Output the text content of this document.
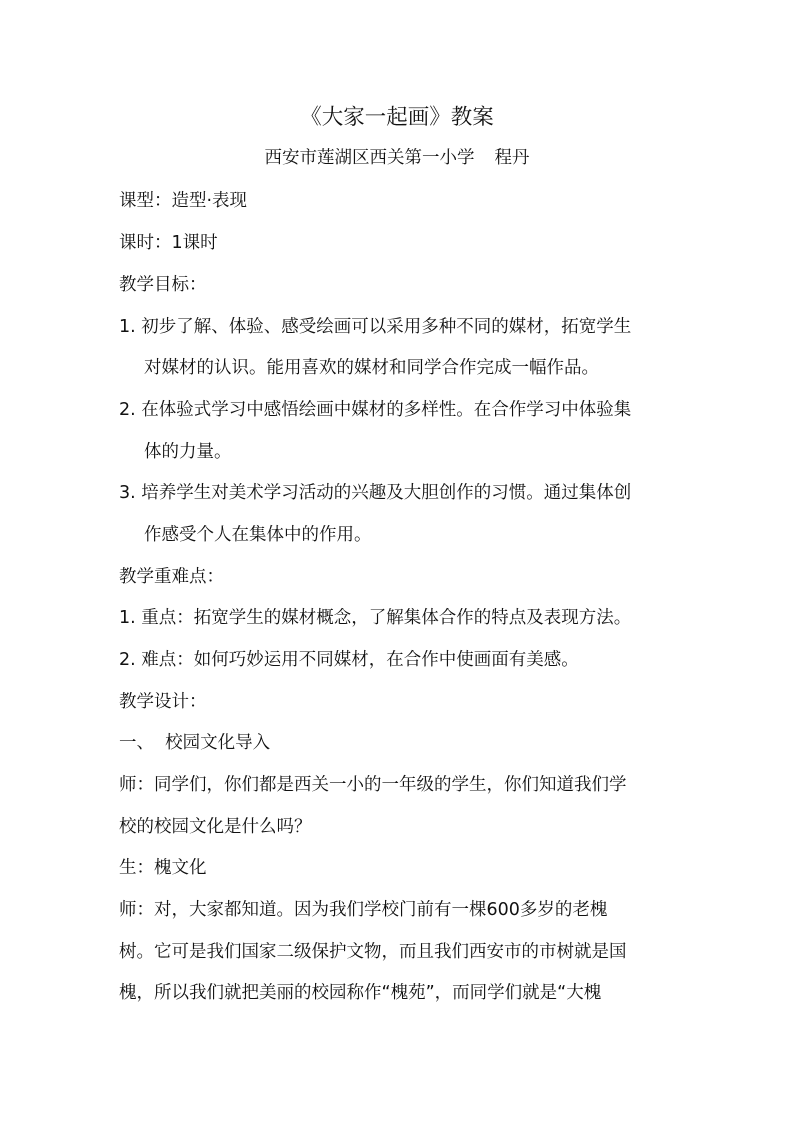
《大家一起画》教案
西安市莲湖区西关第一小学 程丹
课型：造型·表现
课时：1课时
教学目标：
1. 初步了解、体验、感受绘画可以采用多种不同的媒材，拓宽学生
对媒材的认识。能用喜欢的媒材和同学合作完成一幅作品。
2. 在体验式学习中感悟绘画中媒材的多样性。在合作学习中体验集
体的力量。
3. 培养学生对美术学习活动的兴趣及大胆创作的习惯。通过集体创
作感受个人在集体中的作用。
教学重难点：
1. 重点：拓宽学生的媒材概念，了解集体合作的特点及表现方法。
2. 难点：如何巧妙运用不同媒材，在合作中使画面有美感。
教学设计：
一、  校园文化导入
师：同学们，你们都是西关一小的一年级的学生，你们知道我们学
校的校园文化是什么吗？
生：槐文化
师：对，大家都知道。因为我们学校门前有一棵600多岁的老槐
树。它可是我们国家二级保护文物，而且我们西安市的市树就是国
槐，所以我们就把美丽的校园称作“槐苑”，而同学们就是“大槐
